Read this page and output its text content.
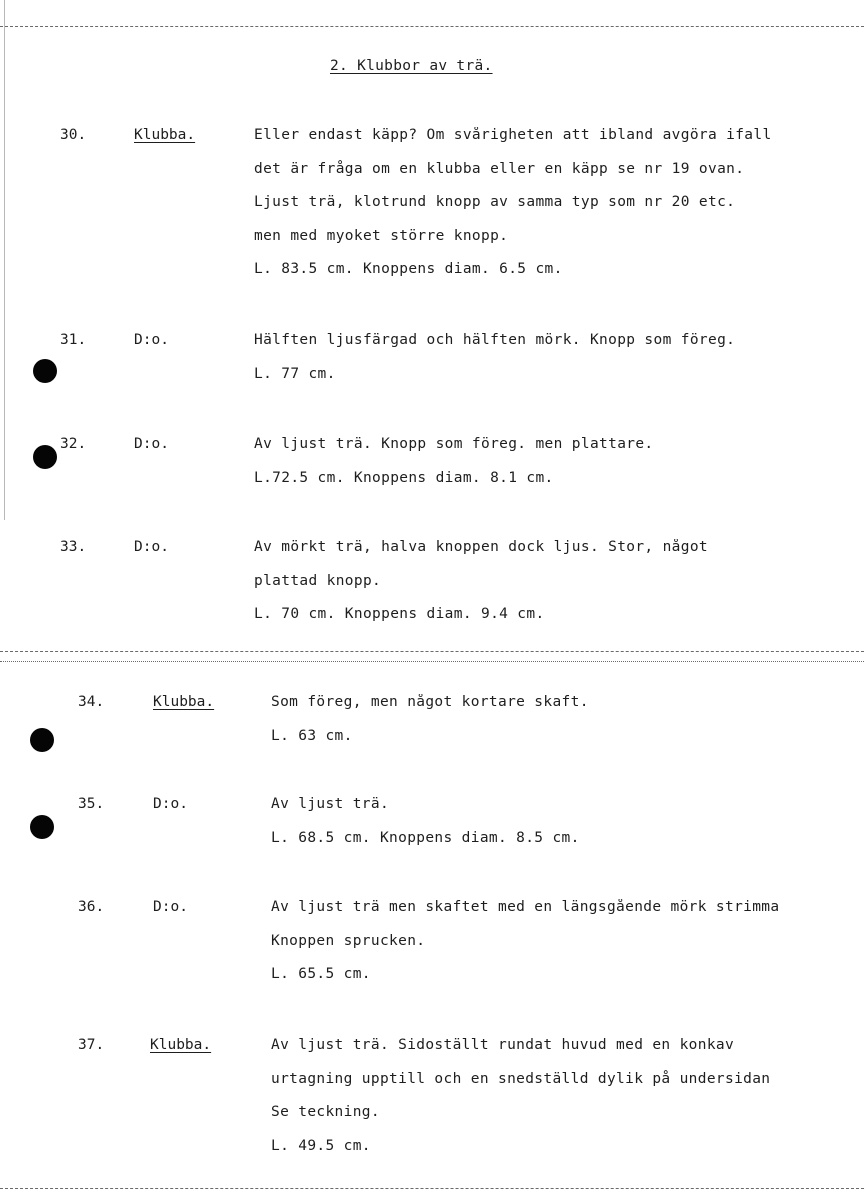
2. Klubbor av trä.
30.	Klubba.	Eller endast käpp? Om svårigheten att ibland avgöra ifall
det är fråga om en klubba eller en käpp se nr 19 ovan.
Ljust trä, klotrund knopp av samma typ som nr 20 etc.
men med myoket större knopp.
L. 83.5 cm. Knoppens diam. 6.5 cm.
31.	D:o.	Hälften ljusfärgad och hälften mörk. Knopp som föreg.
L. 77 cm.
32.	D:o.	Av ljust trä. Knopp som föreg. men plattare.
L.72.5 cm. Knoppens diam. 8.1 cm.
33.	D:o.	Av mörkt trä, halva knoppen dock ljus. Stor, något
plattad knopp.
L. 70 cm. Knoppens diam. 9.4 cm.
34.	Klubba.	Som föreg, men något kortare skaft.
L. 63 cm.
35.	D:o.	Av ljust trä.
L. 68.5 cm. Knoppens diam. 8.5 cm.
36.	D:o.	Av ljust trä men skaftet med en längsgående mörk strimma
Knoppen sprucken.
L. 65.5 cm.
37.	Klubba.	Av ljust trä. Sidoställt rundat huvud med en konkav
urtagning upptill och en snedställd dylik på undersidan
Se teckning.
L. 49.5 cm.
